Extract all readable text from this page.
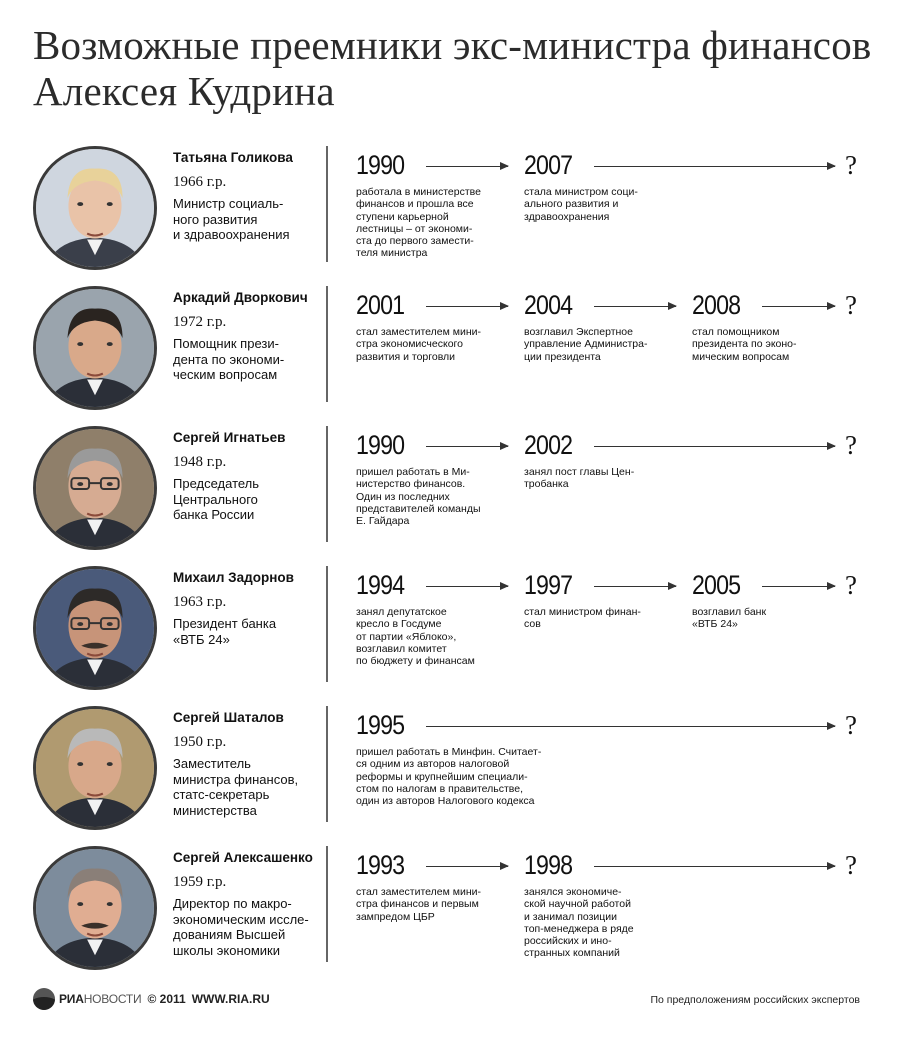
Возможные преемники экс-министра финансов Алексея Кудрина
Татьяна Голикова
1966 г.р.
Министр социаль-
ного развития
и здравоохранения
1990
работала в министерстве
финансов и прошла все
ступени карьерной
лестницы – от экономи-
ста до первого замести-
теля министра
2007
стала министром соци-
ального развития и
здравоохранения
?
Аркадий Дворкович
1972 г.р.
Помощник прези-
дента по экономи-
ческим вопросам
2001
стал заместителем мини-
стра экономисческого
развития и торговли
2004
возглавил Экспертное
управление Администра-
ции президента
2008
стал помощником
президента по эконо-
мическим вопросам
?
Сергей Игнатьев
1948 г.р.
Председатель
Центрального
банка России
1990
пришел работать в Ми-
нистерство финансов.
Один из последних
представителей команды
Е. Гайдара
2002
занял пост главы Цен-
тробанка
?
Михаил Задорнов
1963 г.р.
Президент банка
«ВТБ 24»
1994
занял депутатское
кресло в Госдуме
от партии «Яблоко»,
возглавил комитет
по бюджету и финансам
1997
стал министром финан-
сов
2005
возглавил банк
«ВТБ 24»
?
Сергей Шаталов
1950 г.р.
Заместитель
министра финансов,
статс-секретарь
министерства
1995
пришел работать в Минфин. Считает-
ся одним из авторов налоговой
реформы и крупнейшим специали-
стом по налогам в правительстве,
один из авторов Налогового кодекса
?
Сергей Алексашенко
1959 г.р.
Директор по макро-
экономическим иссле-
дованиям Высшей
школы экономики
1993
стал заместителем мини-
стра финансов и первым
зампредом ЦБР
1998
занялся экономиче-
ской научной работой
и занимал позиции
топ-менеджера в ряде
российских и ино-
странных компаний
?
РИАНОВОСТИ © 2011 WWW.RIA.RU	По предположениям российских экспертов
